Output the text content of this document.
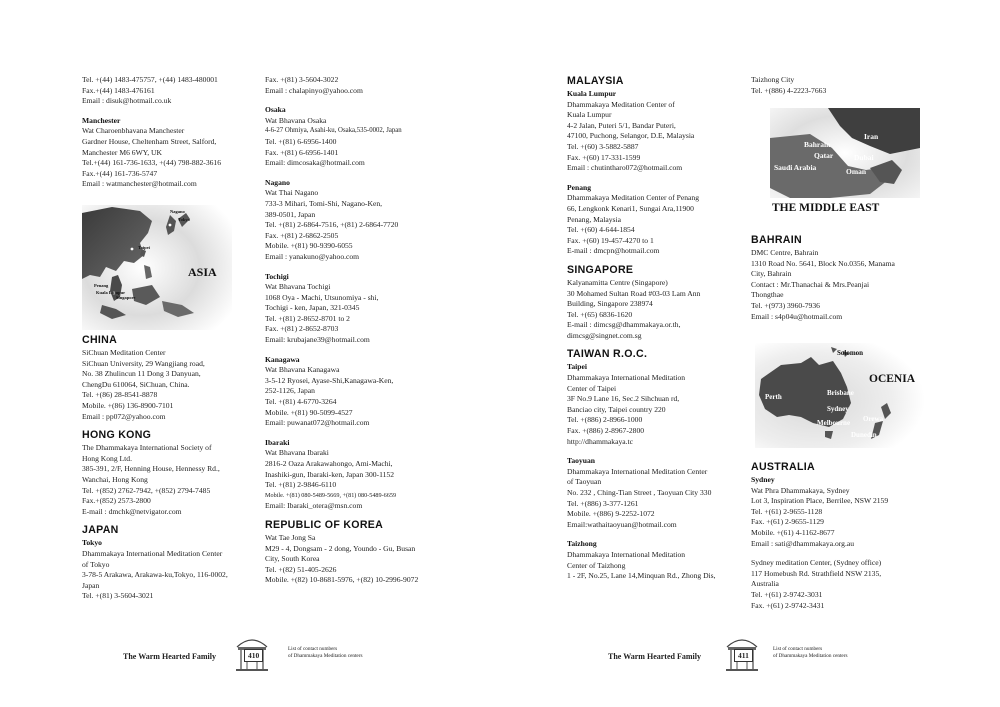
Tel. +(44) 1483-475757, +(44) 1483-480001

Fax.+(44) 1483-476161

Email : disuk@hotmail.co.uk

Manchester

Wat Charoenbhavana Manchester

Gardner House, Cheltenham Street, Salford,

Manchester M6 6WY, UK

Tel.+(44) 161-736-1633, +(44) 798-882-3616

Fax.+(44) 161-736-5747

Email : watmanchester@hotmail.com

Nagano
Tokyo
Taipei
Penang
Kuala Lumpur
Singapore
ASIA

CHINA

SiChuan Meditation Center

SiChuan University, 29 Wangjiang road,

No. 38 Zhulincun 11 Dong 3 Danyuan,

ChengDu 610064, SiChuan, China.

Tel. +(86) 28-8541-8878

Mobile. +(86) 136-8900-7101

Email : pp072@yahoo.com

HONG KONG

The Dhammakaya International Society of

Hong Kong Ltd.

385-391, 2/F, Henning House, Hennessy Rd.,

Wanchai, Hong Kong

Tel. +(852) 2762-7942, +(852) 2794-7485

Fax.+(852) 2573-2800

E-mail : dmchk@netvigator.com

JAPAN

Tokyo

Dhammakaya International Meditation Center

of Tokyo

3-78-5 Arakawa, Arakawa-ku,Tokyo, 116-0002,

Japan

Tel. +(81) 3-5604-3021

Fax. +(81) 3-5604-3022

Email : chalapinyo@yahoo.com

Osaka

Wat Bhavana Osaka

4-6-27 Ohmiya, Asahi-ku, Osaka,535-0002, Japan

Tel. +(81) 6-6956-1400

Fax. +(81) 6-6956-1401

Email: dimcosaka@hotmail.com

Nagano

Wat Thai Nagano

733-3 Mihari, Tomi-Shi, Nagano-Ken,

389-0501, Japan

Tel. +(81) 2-6864-7516, +(81) 2-6864-7720

Fax. +(81) 2-6862-2505

Mobile. +(81) 90-9390-6055

Email : yanakuno@yahoo.com

Tochigi

Wat Bhavana Tochigi

1068 Oya - Machi, Utsunomiya - shi,

Tochigi - ken, Japan, 321-0345

Tel. +(81) 2-8652-8701 to 2

Fax. +(81) 2-8652-8703

Email: krubajane39@hotmail.com

Kanagawa

Wat Bhavana Kanagawa

3-5-12 Ryosei, Ayase-Shi,Kanagawa-Ken,

252-1126, Japan

Tel. +(81) 4-6770-3264

Mobile. +(81) 90-5099-4527

Email: puwanat072@hotmail.com

Ibaraki

Wat Bhavana Ibaraki

2816-2 Oaza Arakawahongo, Ami-Machi,

Inashiki-gun, Ibaraki-ken, Japan 300-1152

Tel. +(81) 2-9846-6110

Mobile. +(81) 080-5489-5669, +(81) 080-5489-6659

Email: Ibaraki_otera@msn.com

REPUBLIC OF KOREA

Wat Tae Jong Sa

M29 - 4, Dongsam - 2 dong, Youndo - Gu, Busan

City, South Korea

Tel. +(82) 51-405-2626

Mobile. +(82) 10-8681-5976, +(82) 10-2996-9072

MALAYSIA

Kuala Lumpur

Dhammakaya Meditation Center of

Kuala Lumpur

4-2 Jalan, Puteri 5/1, Bandar Puteri,

47100, Puchong, Selangor, D.E, Malaysia

Tel. +(60) 3-5882-5887

Fax. +(60) 17-331-1599

Email : chutintharo072@hotmail.com

Penang

Dhammakaya Meditation Center of Penang

66, Lengkonk Kenari1, Sungai Ara,11900

Penang, Malaysia

Tel. +(60) 4-644-1854

Fax. +(60) 19-457-4270 to 1

E-mail : dmcpn@hotmail.com

SINGAPORE

Kalyanamitta Centre (Singapore)

30 Mohamed Sultan Road #03-03 Lam Ann

Building, Singapore 238974

Tel. +(65) 6836-1620

E-mail : dimcsg@dhammakaya.or.th,

dimcsg@singnet.com.sg

TAIWAN R.O.C.

Taipei

Dhammakaya International Meditation

Center of Taipei

3F No.9 Lane 16, Sec.2 Sihchuan rd,

Banciao city, Taipei country 220

Tel. +(886) 2-8966-1000

Fax. +(886) 2-8967-2800

http://dhammakaya.tc

Taoyuan

Dhammakaya International Meditation Center

of Taoyuan

No. 232 , Ching-Tian Street , Taoyuan City 330

Tel. +(886) 3-377-1261

Mobile. +(886) 9-2252-1072

Email:wathaitaoyuan@hotmail.com

Taizhong

Dhammakaya International Meditation

Center of Taizhong

1 - 2F, No.25, Lane 14,Minquan Rd., Zhong Dis,

Taizhong City

Tel. +(886) 4-2223-7663

Bahrain
Iran
Qatar	Dubai
Saudi Arabia	Oman
THE MIDDLE EAST

BAHRAIN

DMC Centre, Bahrain

1310 Road No. 5641, Block No.0356, Manama

City, Bahrain

Contact : Mr.Thanachai & Mrs.Peanjai

Thongthae

Tel. +(973) 3960-7936

Email : s4p04u@hotmail.com

Solomon
Perth	Brisbane
Sydney
Orewa
Melbourne
Dunedin
OCENIA

AUSTRALIA

Sydney

Wat Phra Dhammakaya, Sydney

Lot 3, Inspiration Place, Berrilee, NSW 2159

Tel. +(61) 2-9655-1128

Fax. +(61) 2-9655-1129

Mobile. +(61) 4-1162-8677

Email : sati@dhammakaya.org.au

Sydney meditation Center, (Sydney office)

117 Homebush Rd. Strathfield NSW 2135,

Australia

Tel. +(61) 2-9742-3031

Fax. +(61) 2-9742-3431

The Warm Hearted Family	410
List of contact numbers
of Dhammakaya Meditation centers	The Warm Hearted Family	411
List of contact numbers
of Dhammakaya Meditation centers
